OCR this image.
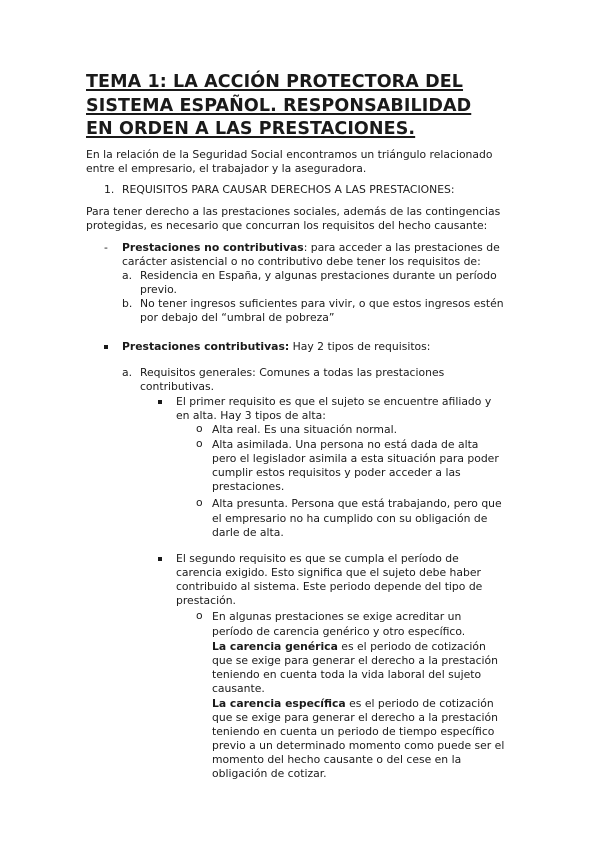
TEMA 1: LA ACCIÓN PROTECTORA DEL
SISTEMA ESPAÑOL. RESPONSABILIDAD
EN ORDEN A LAS PRESTACIONES.
En la relación de la Seguridad Social encontramos un triángulo relacionado
entre el empresario, el trabajador y la aseguradora.
1. REQUISITOS PARA CAUSAR DERECHOS A LAS PRESTACIONES:
Para tener derecho a las prestaciones sociales, además de las contingencias
protegidas, es necesario que concurran los requisitos del hecho causante:
- Prestaciones no contributivas: para acceder a las prestaciones de
carácter asistencial o no contributivo debe tener los requisitos de:
a. Residencia en España, y algunas prestaciones durante un período
previo.
b. No tener ingresos suficientes para vivir, o que estos ingresos estén
por debajo del “umbral de pobreza”
Prestaciones contributivas: Hay 2 tipos de requisitos:
a. Requisitos generales: Comunes a todas las prestaciones
contributivas.
El primer requisito es que el sujeto se encuentre afiliado y
en alta. Hay 3 tipos de alta:
o Alta real. Es una situación normal.
o Alta asimilada. Una persona no está dada de alta
pero el legislador asimila a esta situación para poder
cumplir estos requisitos y poder acceder a las
prestaciones.
o Alta presunta. Persona que está trabajando, pero que
el empresario no ha cumplido con su obligación de
darle de alta.
El segundo requisito es que se cumpla el período de
carencia exigido. Esto significa que el sujeto debe haber
contribuido al sistema. Este periodo depende del tipo de
prestación.
o En algunas prestaciones se exige acreditar un
período de carencia genérico y otro específico.
La carencia genérica es el periodo de cotización
que se exige para generar el derecho a la prestación
teniendo en cuenta toda la vida laboral del sujeto
causante.
La carencia específica es el periodo de cotización
que se exige para generar el derecho a la prestación
teniendo en cuenta un periodo de tiempo específico
previo a un determinado momento como puede ser el
momento del hecho causante o del cese en la
obligación de cotizar.
